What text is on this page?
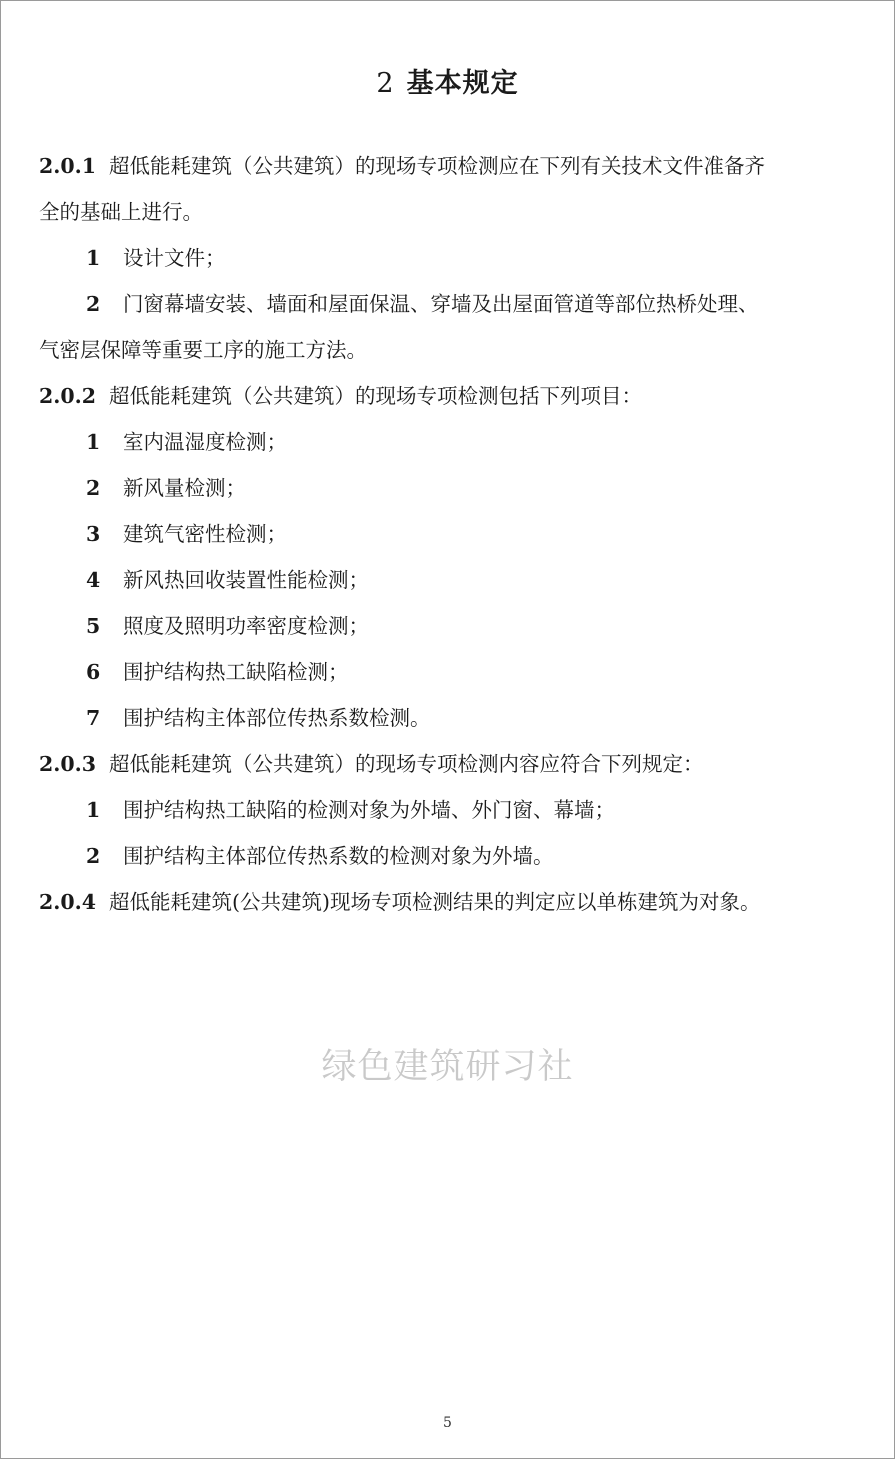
2 基本规定
2.0.1 超低能耗建筑（公共建筑）的现场专项检测应在下列有关技术文件准备齐
全的基础上进行。
1 设计文件；
2 门窗幕墙安装、墙面和屋面保温、穿墙及出屋面管道等部位热桥处理、
气密层保障等重要工序的施工方法。
2.0.2 超低能耗建筑（公共建筑）的现场专项检测包括下列项目：
1 室内温湿度检测；
2 新风量检测；
3 建筑气密性检测；
4 新风热回收装置性能检测；
5 照度及照明功率密度检测；
6 围护结构热工缺陷检测；
7 围护结构主体部位传热系数检测。
2.0.3 超低能耗建筑（公共建筑）的现场专项检测内容应符合下列规定：
1 围护结构热工缺陷的检测对象为外墙、外门窗、幕墙；
2 围护结构主体部位传热系数的检测对象为外墙。
2.0.4 超低能耗建筑(公共建筑)现场专项检测结果的判定应以单栋建筑为对象。
绿色建筑研习社
5
